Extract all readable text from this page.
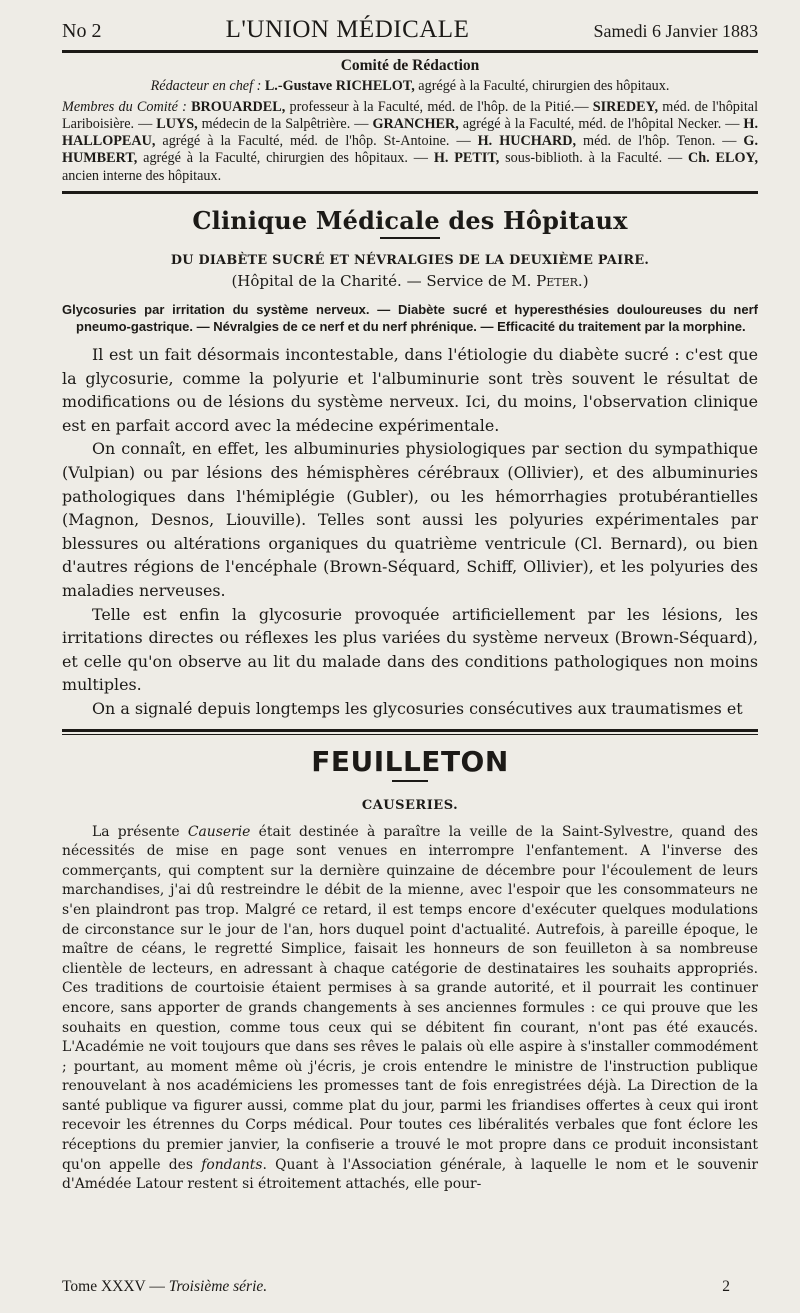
No 2	L'UNION MÉDICALE	Samedi 6 Janvier 1883
Comité de Rédaction
Rédacteur en chef : L.-Gustave RICHELOT, agrégé à la Faculté, chirurgien des hôpitaux.
Membres du Comité : BROUARDEL, professeur à la Faculté, méd. de l'hôp. de la Pitié.— SIREDEY, méd. de l'hôpital Lariboisière. — LUYS, médecin de la Salpêtrière. — GRANCHER, agrégé à la Faculté, méd. de l'hôpital Necker. — H. HALLOPEAU, agrégé à la Faculté, méd. de l'hôp. St-Antoine. — H. HUCHARD, méd. de l'hôp. Tenon. — G. HUMBERT, agrégé à la Faculté, chirurgien des hôpitaux. — H. PETIT, sous-biblioth. à la Faculté. — Ch. ELOY, ancien interne des hôpitaux.
Clinique Médicale des Hôpitaux
DU DIABÈTE SUCRÉ ET NÉVRALGIES DE LA DEUXIÈME PAIRE.
(Hôpital de la Charité. — Service de M. Peter.)
Glycosuries par irritation du système nerveux. — Diabète sucré et hyperesthésies douloureuses du nerf pneumo-gastrique. — Névralgies de ce nerf et du nerf phrénique. — Efficacité du traitement par la morphine.

Il est un fait désormais incontestable, dans l'étiologie du diabète sucré : c'est que la glycosurie, comme la polyurie et l'albuminurie sont très souvent le résultat de modifications ou de lésions du système nerveux. Ici, du moins, l'observation clinique est en parfait accord avec la médecine expérimentale.

On connaît, en effet, les albuminuries physiologiques par section du sympathique (Vulpian) ou par lésions des hémisphères cérébraux (Ollivier), et des albuminuries pathologiques dans l'hémiplégie (Gubler), ou les hémorrhagies protubérantielles (Magnon, Desnos, Liouville). Telles sont aussi les polyuries expérimentales par blessures ou altérations organiques du quatrième ventricule (Cl. Bernard), ou bien d'autres régions de l'encéphale (Brown-Séquard, Schiff, Ollivier), et les polyuries des maladies nerveuses.

Telle est enfin la glycosurie provoquée artificiellement par les lésions, les irritations directes ou réflexes les plus variées du système nerveux (Brown-Séquard), et celle qu'on observe au lit du malade dans des conditions pathologiques non moins multiples.

On a signalé depuis longtemps les glycosuries consécutives aux traumatismes et

FEUILLETON
CAUSERIES.

La présente Causerie était destinée à paraître la veille de la Saint-Sylvestre, quand des nécessités de mise en page sont venues en interrompre l'enfantement. A l'inverse des commerçants, qui comptent sur la dernière quinzaine de décembre pour l'écoulement de leurs marchandises, j'ai dû restreindre le débit de la mienne, avec l'espoir que les consommateurs ne s'en plaindront pas trop. Malgré ce retard, il est temps encore d'exécuter quelques modulations de circonstance sur le jour de l'an, hors duquel point d'actualité. Autrefois, à pareille époque, le maître de céans, le regretté Simplice, faisait les honneurs de son feuilleton à sa nombreuse clientèle de lecteurs, en adressant à chaque catégorie de destinataires les souhaits appropriés. Ces traditions de courtoisie étaient permises à sa grande autorité, et il pourrait les continuer encore, sans apporter de grands changements à ses anciennes formules : ce qui prouve que les souhaits en question, comme tous ceux qui se débitent fin courant, n'ont pas été exaucés. L'Académie ne voit toujours que dans ses rêves le palais où elle aspire à s'installer commodément ; pourtant, au moment même où j'écris, je crois entendre le ministre de l'instruction publique renouvelant à nos académiciens les promesses tant de fois enregistrées déjà. La Direction de la santé publique va figurer aussi, comme plat du jour, parmi les friandises offertes à ceux qui iront recevoir les étrennes du Corps médical. Pour toutes ces libéralités verbales que font éclore les réceptions du premier janvier, la confiserie a trouvé le mot propre dans ce produit inconsistant qu'on appelle des fondants. Quant à l'Association générale, à laquelle le nom et le souvenir d'Amédée Latour restent si étroitement attachés, elle pour-

Tome XXXV — Troisième série.	2
